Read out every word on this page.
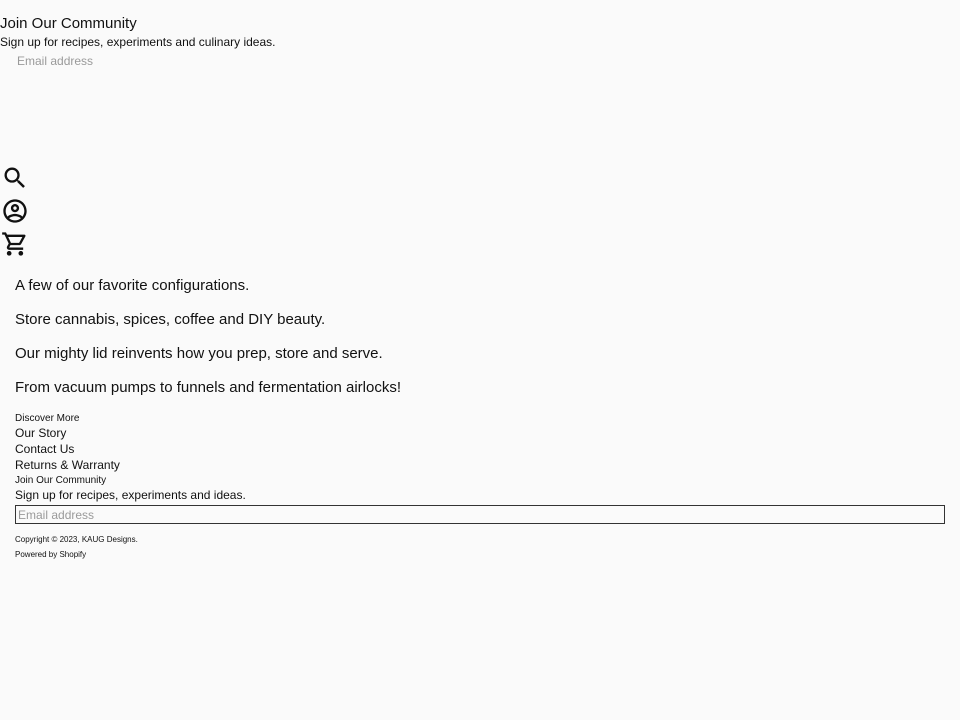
Join Our Community
Sign up for recipes, experiments and culinary ideas.
Email address
A few of our favorite configurations.
Store cannabis, spices, coffee and DIY beauty.
Our mighty lid reinvents how you prep, store and serve.
From vacuum pumps to funnels and fermentation airlocks!
Discover More
Our Story
Contact Us
Returns & Warranty
Join Our Community
Sign up for recipes, experiments and ideas.
Email address
Copyright © 2023, KAUG Designs.
Powered by Shopify
